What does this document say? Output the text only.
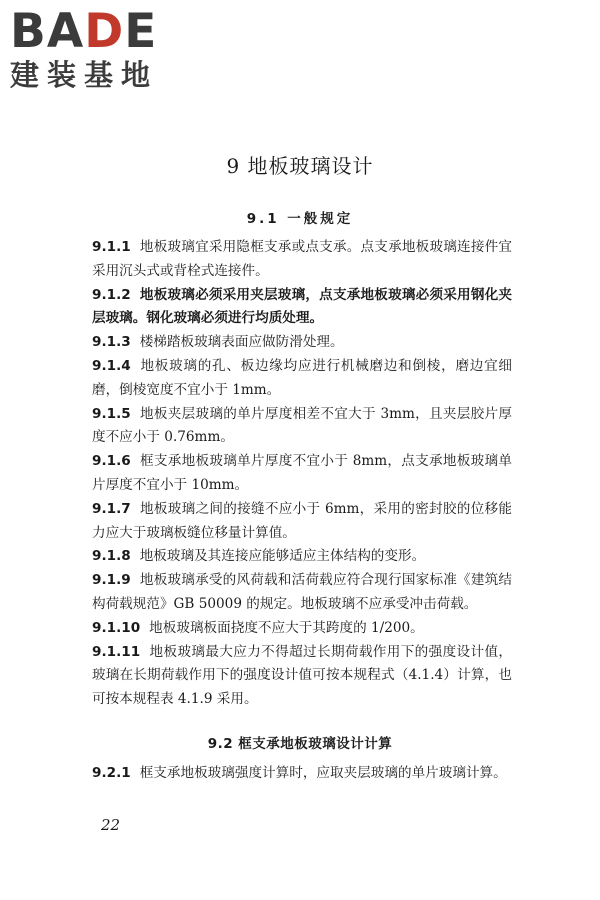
BADE
建装基地
9 地板玻璃设计
9.1 一般规定
9.1.1 地板玻璃宜采用隐框支承或点支承。点支承地板玻璃连接件宜采用沉头式或背栓式连接件。
9.1.2 地板玻璃必须采用夹层玻璃，点支承地板玻璃必须采用钢化夹层玻璃。钢化玻璃必须进行均质处理。
9.1.3 楼梯踏板玻璃表面应做防滑处理。
9.1.4 地板玻璃的孔、板边缘均应进行机械磨边和倒棱，磨边宜细磨，倒棱宽度不宜小于 1mm。
9.1.5 地板夹层玻璃的单片厚度相差不宜大于 3mm，且夹层胶片厚度不应小于 0.76mm。
9.1.6 框支承地板玻璃单片厚度不宜小于 8mm，点支承地板玻璃单片厚度不宜小于 10mm。
9.1.7 地板玻璃之间的接缝不应小于 6mm，采用的密封胶的位移能力应大于玻璃板缝位移量计算值。
9.1.8 地板玻璃及其连接应能够适应主体结构的变形。
9.1.9 地板玻璃承受的风荷载和活荷载应符合现行国家标准《建筑结构荷载规范》GB 50009 的规定。地板玻璃不应承受冲击荷载。
9.1.10 地板玻璃板面挠度不应大于其跨度的 1/200。
9.1.11 地板玻璃最大应力不得超过长期荷载作用下的强度设计值，玻璃在长期荷载作用下的强度设计值可按本规程式（4.1.4）计算，也可按本规程表 4.1.9 采用。
9.2 框支承地板玻璃设计计算
9.2.1 框支承地板玻璃强度计算时，应取夹层玻璃的单片玻璃计算。
22
